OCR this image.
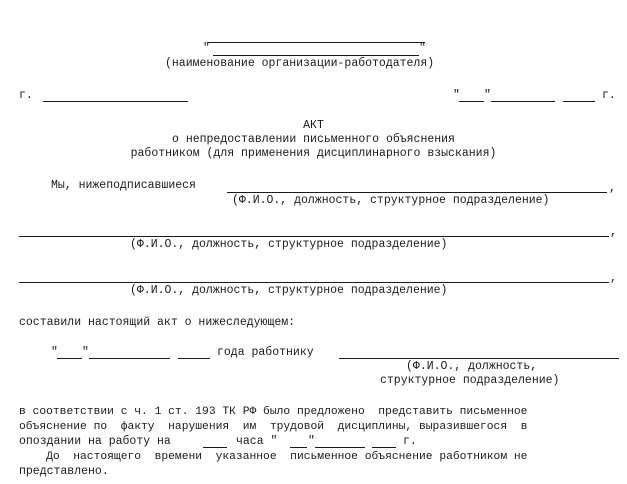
"	"
(наименование организации-работодателя)
г.	" "	г.
АКТ
о непредоставлении письменного объяснения
работником (для применения дисциплинарного взыскания)
Мы, нижеподписавшиеся	,
(Ф.И.О., должность, структурное подразделение)
,
(Ф.И.О., должность, структурное подразделение)
,
(Ф.И.О., должность, структурное подразделение)
составили настоящий акт о нижеследующем:
" "	года работнику
(Ф.И.О., должность,
структурное подразделение)
в соответствии с ч. 1 ст. 193 ТК РФ было предложено  представить письменное
объяснение по  факту  нарушения  им  трудовой  дисциплины, выразившегося  в
опоздании на работу на	часа "	"	г.
До  настоящего  времени  указанное  письменное объяснение работником не
представлено.
